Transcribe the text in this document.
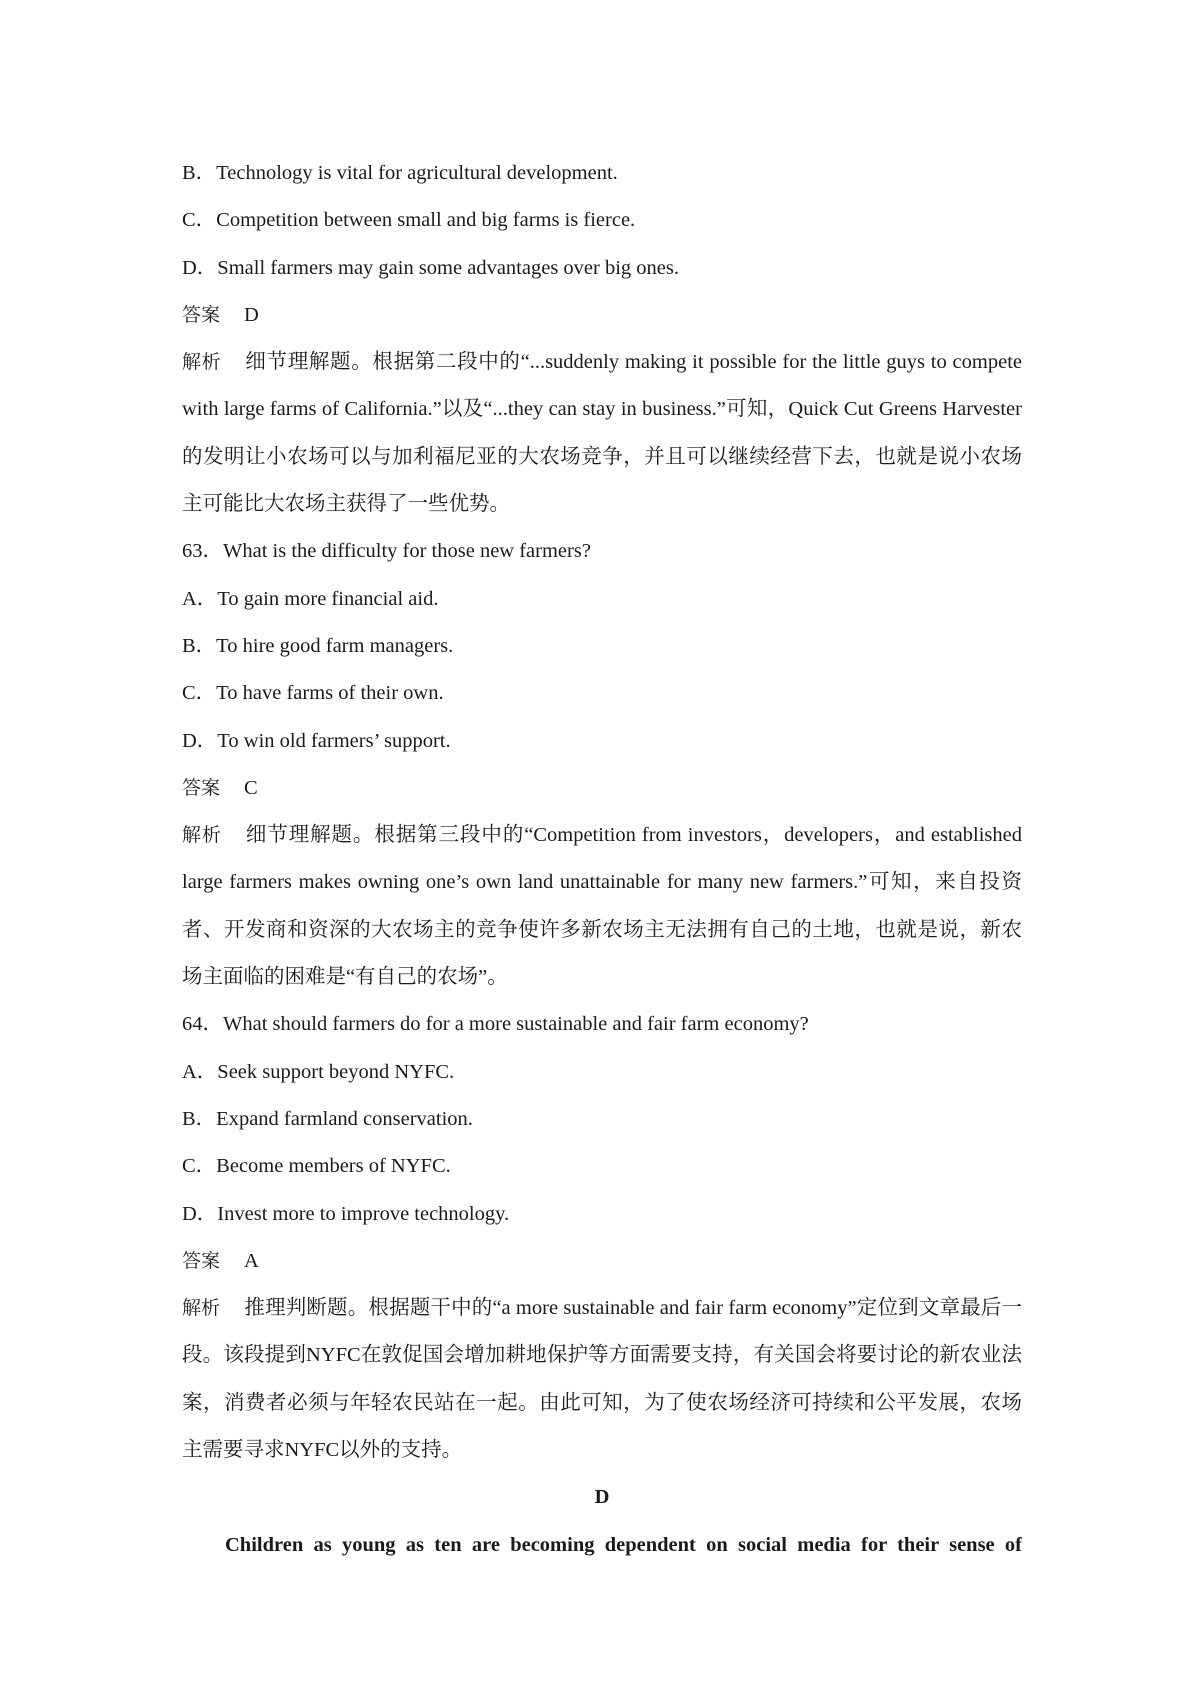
B．Technology is vital for agricultural development.
C．Competition between small and big farms is fierce.
D．Small farmers may gain some advantages over big ones.
答案 D

解析 细节理解题。根据第二段中的“...suddenly making it possible for the little guys to compete with large farms of California.”以及“...they can stay in business.”可知，Quick Cut Greens Harvester的发明让小农场可以与加利福尼亚的大农场竞争，并且可以继续经营下去，也就是说小农场主可能比大农场主获得了一些优势。

63．What is the difficulty for those new farmers?
A．To gain more financial aid.
B．To hire good farm managers.
C．To have farms of their own.
D．To win old farmers’ support.
答案 C

解析 细节理解题。根据第三段中的“Competition from investors，developers，and established large farmers makes owning one’s own land unattainable for many new farmers.”可知，来自投资者、开发商和资深的大农场主的竞争使许多新农场主无法拥有自己的土地，也就是说，新农场主面临的困难是“有自己的农场”。

64．What should farmers do for a more sustainable and fair farm economy?
A．Seek support beyond NYFC.
B．Expand farmland conservation.
C．Become members of NYFC.
D．Invest more to improve technology.
答案 A

解析 推理判断题。根据题干中的“a more sustainable and fair farm economy”定位到文章最后一段。该段提到NYFC在敦促国会增加耕地保护等方面需要支持，有关国会将要讨论的新农业法案，消费者必须与年轻农民站在一起。由此可知，为了使农场经济可持续和公平发展，农场主需要寻求NYFC以外的支持。

D
Children as young as ten are becoming dependent on social media for their sense of
